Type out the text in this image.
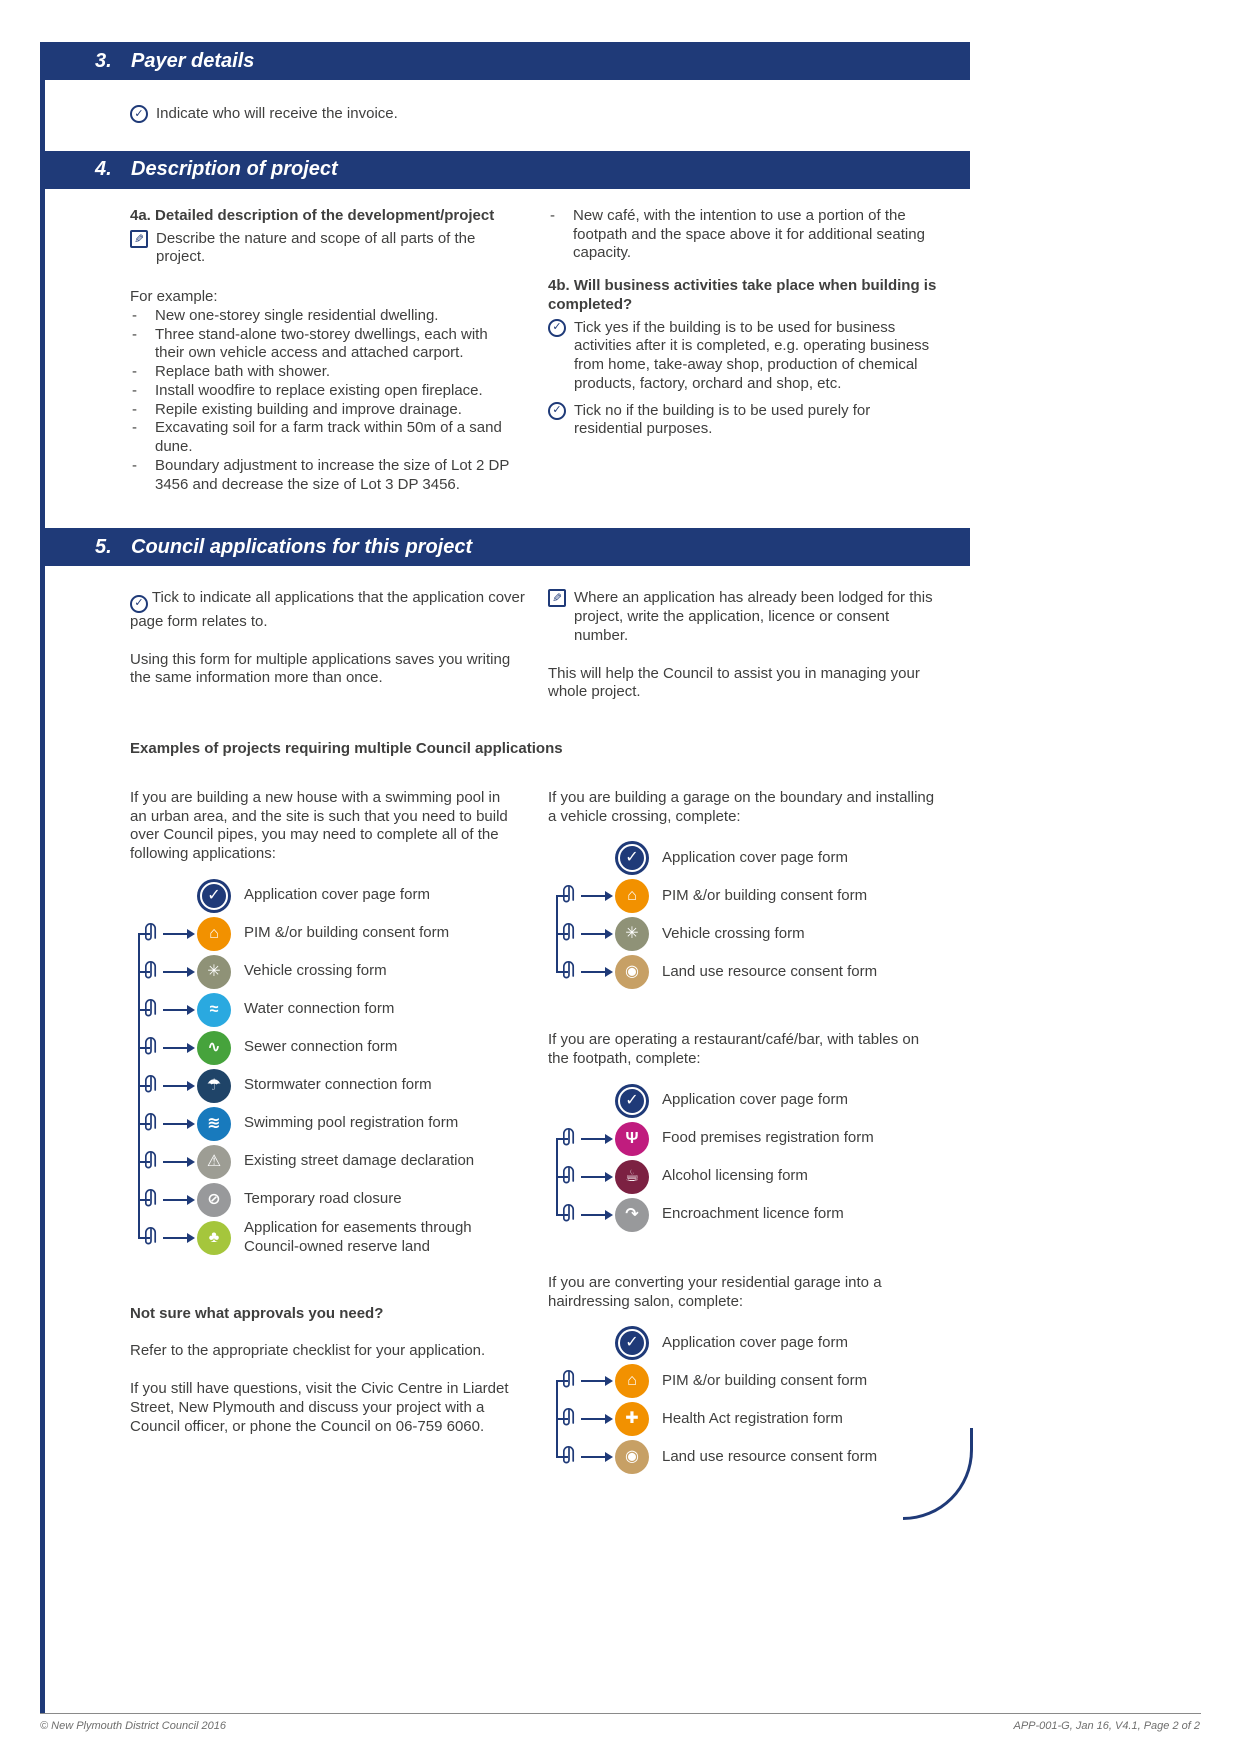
3. Payer details
✓ Indicate who will receive the invoice.
4. Description of project
4a. Detailed description of the development/project
✎ Describe the nature and scope of all parts of the project.

For example:

- New one-storey single residential dwelling.
- Three stand-alone two-storey dwellings, each with their own vehicle access and attached carport.
- Replace bath with shower.
- Install woodfire to replace existing open fireplace.
- Repile existing building and improve drainage.
- Excavating soil for a farm track within 50m of a sand dune.
- Boundary adjustment to increase the size of Lot 2 DP 3456 and decrease the size of Lot 3 DP 3456.
- New café, with the intention to use a portion of the footpath and the space above it for additional seating capacity.
4b. Will business activities take place when building is completed?
✓ Tick yes if the building is to be used for business activities after it is completed, e.g. operating business from home, take-away shop, production of chemical products, factory, orchard and shop, etc.
✓ Tick no if the building is to be used purely for residential purposes.
5. Council applications for this project

✓ Tick to indicate all applications that the application cover page form relates to.

Using this form for multiple applications saves you writing the same information more than once.

✎ Where an application has already been lodged for this project, write the application, licence or consent number.

This will help the Council to assist you in managing your whole project.

Examples of projects requiring multiple Council applications

If you are building a new house with a swimming pool in an urban area, and the site is such that you need to build over Council pipes, you may need to complete all of the following applications:

✓ Application cover page form
⌂ PIM &/or building consent form
✳ Vehicle crossing form
≈ Water connection form
∿ Sewer connection form
☂ Stormwater connection form
≋ Swimming pool registration form
⚠ Existing street damage declaration
⊘ Temporary road closure
♣
Application for easements through Council-owned reserve land
Not sure what approvals you need?

Refer to the appropriate checklist for your application.

If you still have questions, visit the Civic Centre in Liardet Street, New Plymouth and discuss your project with a Council officer, or phone the Council on 06-759 6060.

If you are building a garage on the boundary and installing a vehicle crossing, complete:

✓ Application cover page form
⌂ PIM &/or building consent form
✳ Vehicle crossing form
◉ Land use resource consent form

If you are operating a restaurant/café/bar, with tables on the footpath, complete:

✓ Application cover page form
Ψ Food premises registration form
☕ Alcohol licensing form
↷ Encroachment licence form

If you are converting your residential garage into a hairdressing salon, complete:

✓ Application cover page form
⌂ PIM &/or building consent form
✚ Health Act registration form
◉ Land use resource consent form
© New Plymouth District Council 2016	APP-001-G, Jan 16, V4.1, Page 2 of 2
